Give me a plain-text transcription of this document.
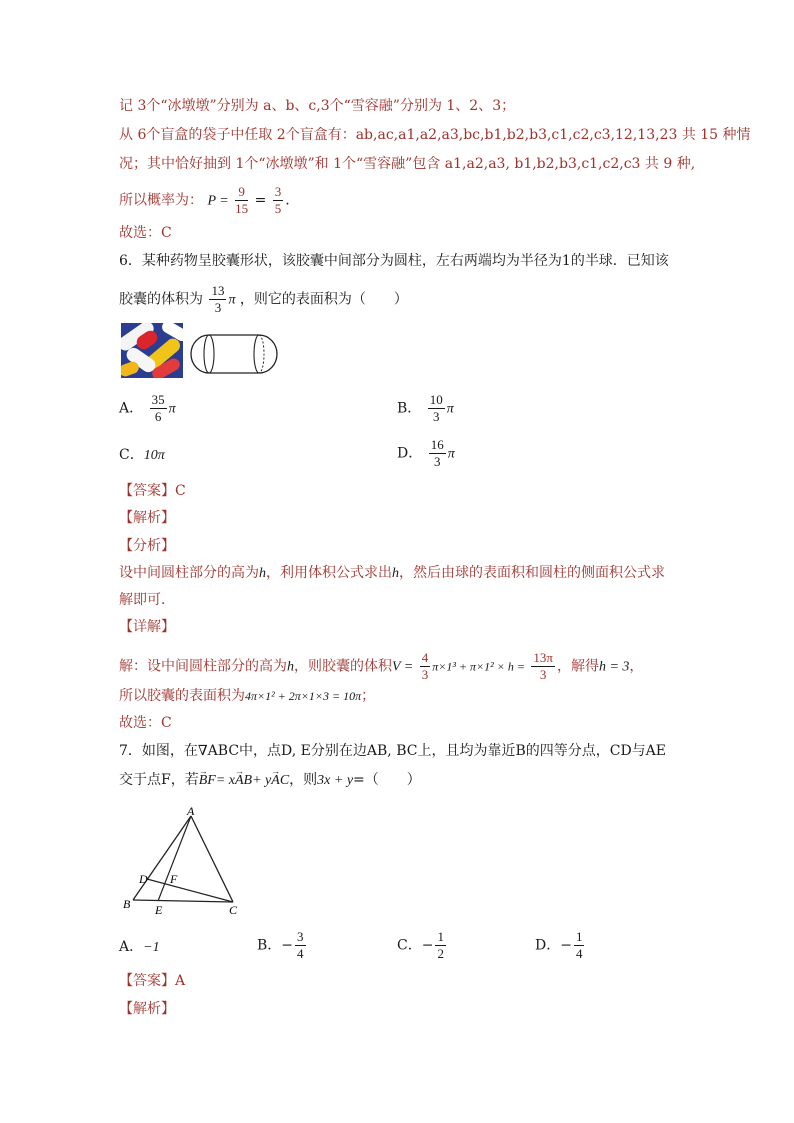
记 3个“冰墩墩”分别为 a、b、c,3个“雪容融”分别为 1、2、3；
从 6个盲盒的袋子中任取 2个盲盒有：ab,ac,a1,a2,a3,bc,b1,b2,b3,c1,c2,c3,12,13,23 共 15 种情
况；其中恰好抽到 1个“冰墩墩”和 1个“雪容融”包含 a1,a2,a3, b1,b2,b3,c1,c2,c3 共 9 种,
所以概率为： $P = \frac{9}{15} = \frac{3}{5}$ .
故选：C
6．某种药物呈胶囊形状，该胶囊中间部分为圆柱，左右两端均为半径为1的半球．已知该
胶囊的体积为 $\frac{13}{3}$ π ，则它的表面积为（　　）
A． $\frac{35}{6}$ π	B． $\frac{10}{3}$ π
C．10π	D． $\frac{16}{3}$ π
【答案】C
【解析】
【分析】
设中间圆柱部分的高为h，利用体积公式求出h，然后由球的表面积和圆柱的侧面积公式求
解即可．
【详解】
解：设中间圆柱部分的高为h，则胶囊的体积$V = \frac{4}{3} \pi\times 1^3 + \pi\times 1^2 \times h = \frac{13\pi}{3}$ ，解得h = 3，
所以胶囊的表面积为4π×1² + 2π×1×3 = 10π；
故选：C
7．如图，在∇ABC中，点D, E分别在边AB, BC上，且均为靠近B的四等分点，CD与AE
交于点F，若→ BF= x→ AB+ y→ AC，则3x + y=（　　）
A
B	C
D
E
F
A．−1	B．− $\frac{3}{4}$	C．− $\frac{1}{2}$	D．− $\frac{1}{4}$
【答案】A
【解析】
